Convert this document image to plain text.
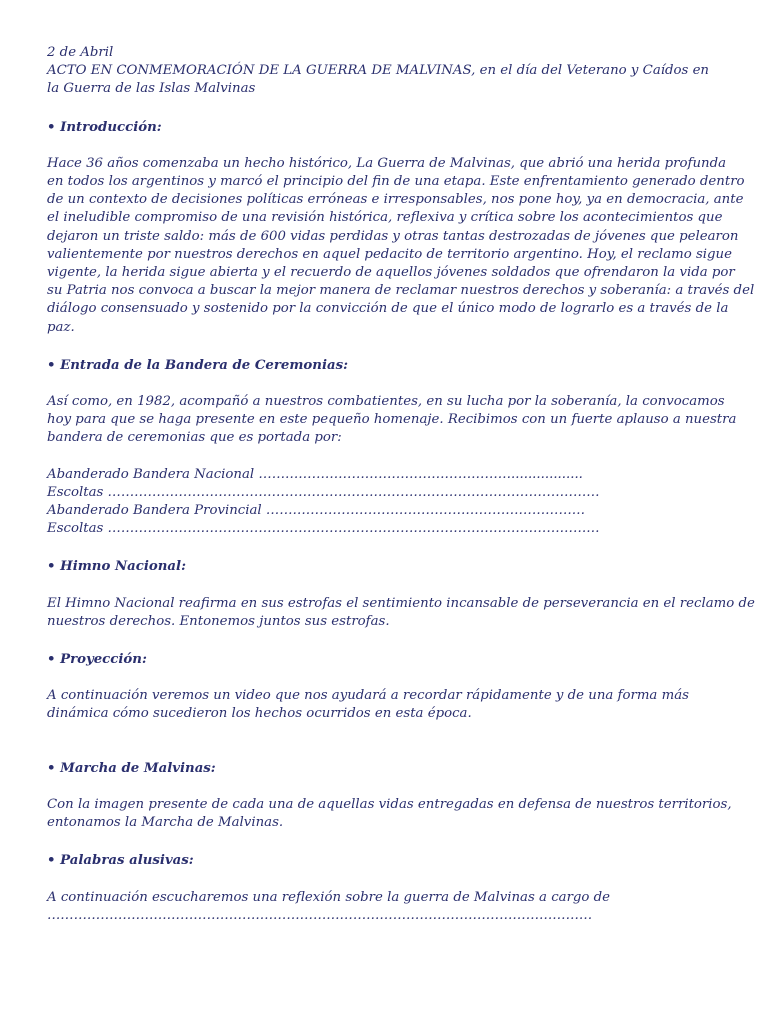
2 de Abril
ACTO EN CONMEMORACIÓN DE LA GUERRA DE MALVINAS, en el día del Veterano y Caídos en
la Guerra de las Islas Malvinas
• Introducción:
Hace 36 años comenzaba un hecho histórico, La Guerra de Malvinas, que abrió una herida profunda
en todos los argentinos y marcó el principio del fin de una etapa. Este enfrentamiento generado dentro
de un contexto de decisiones políticas erróneas e irresponsables, nos pone hoy, ya en democracia, ante
el ineludible compromiso de una revisión histórica, reflexiva y crítica sobre los acontecimientos que
dejaron un triste saldo: más de 600 vidas perdidas y otras tantas destrozadas de jóvenes que pelearon
valientemente por nuestros derechos en aquel pedacito de territorio argentino. Hoy, el reclamo sigue
vigente, la herida sigue abierta y el recuerdo de aquellos jóvenes soldados que ofrendaron la vida por
su Patria nos convoca a buscar la mejor manera de reclamar nuestros derechos y soberanía: a través del
diálogo consensuado y sostenido por la convicción de que el único modo de lograrlo es a través de la
paz.
• Entrada de la Bandera de Ceremonias:
Así como, en 1982, acompañó a nuestros combatientes, en su lucha por la soberanía, la convocamos
hoy para que se haga presente en este pequeño homenaje. Recibimos con un fuerte aplauso a nuestra
bandera de ceremonias que es portada por:
Abanderado Bandera Nacional ………………………………………………….................
Escoltas …………………………………………………………………………………………………
Abanderado Bandera Provincial ………………………………………………………………
Escoltas …………………………………………………………………………………………………
• Himno Nacional:
El Himno Nacional reafirma en sus estrofas el sentimiento incansable de perseverancia en el reclamo de
nuestros derechos. Entonemos juntos sus estrofas.
• Proyección:
A continuación veremos un video que nos ayudará a recordar rápidamente y de una forma más
dinámica cómo sucedieron los hechos ocurridos en esta época.
• Marcha de Malvinas:
Con la imagen presente de cada una de aquellas vidas entregadas en defensa de nuestros territorios,
entonamos la Marcha de Malvinas.
• Palabras alusivas:
A continuación escucharemos una reflexión sobre la guerra de Malvinas a cargo de
……………………………………………………………………………………………………………
